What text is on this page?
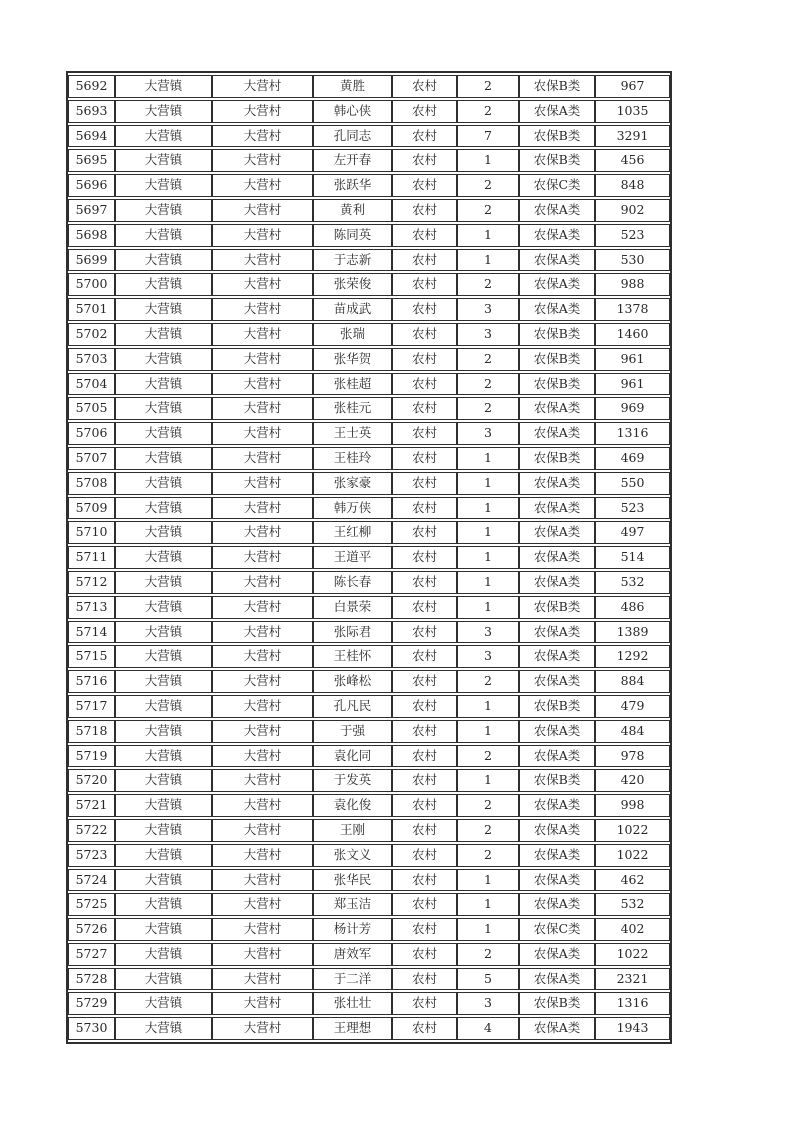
5692	大营镇	大营村	黄胜	农村	2	农保B类	967
5693	大营镇	大营村	韩心侠	农村	2	农保A类	1035
5694	大营镇	大营村	孔同志	农村	7	农保B类	3291
5695	大营镇	大营村	左开春	农村	1	农保B类	456
5696	大营镇	大营村	张跃华	农村	2	农保C类	848
5697	大营镇	大营村	黄利	农村	2	农保A类	902
5698	大营镇	大营村	陈同英	农村	1	农保A类	523
5699	大营镇	大营村	于志新	农村	1	农保A类	530
5700	大营镇	大营村	张荣俊	农村	2	农保A类	988
5701	大营镇	大营村	苗成武	农村	3	农保A类	1378
5702	大营镇	大营村	张瑞	农村	3	农保B类	1460
5703	大营镇	大营村	张华贺	农村	2	农保B类	961
5704	大营镇	大营村	张桂超	农村	2	农保B类	961
5705	大营镇	大营村	张桂元	农村	2	农保A类	969
5706	大营镇	大营村	王士英	农村	3	农保A类	1316
5707	大营镇	大营村	王桂玲	农村	1	农保B类	469
5708	大营镇	大营村	张家豪	农村	1	农保A类	550
5709	大营镇	大营村	韩万侠	农村	1	农保A类	523
5710	大营镇	大营村	王红柳	农村	1	农保A类	497
5711	大营镇	大营村	王道平	农村	1	农保A类	514
5712	大营镇	大营村	陈长春	农村	1	农保A类	532
5713	大营镇	大营村	白景荣	农村	1	农保B类	486
5714	大营镇	大营村	张际君	农村	3	农保A类	1389
5715	大营镇	大营村	王桂怀	农村	3	农保A类	1292
5716	大营镇	大营村	张峰松	农村	2	农保A类	884
5717	大营镇	大营村	孔凡民	农村	1	农保B类	479
5718	大营镇	大营村	于强	农村	1	农保A类	484
5719	大营镇	大营村	袁化同	农村	2	农保A类	978
5720	大营镇	大营村	于发英	农村	1	农保B类	420
5721	大营镇	大营村	袁化俊	农村	2	农保A类	998
5722	大营镇	大营村	王刚	农村	2	农保A类	1022
5723	大营镇	大营村	张文义	农村	2	农保A类	1022
5724	大营镇	大营村	张华民	农村	1	农保A类	462
5725	大营镇	大营村	郑玉洁	农村	1	农保A类	532
5726	大营镇	大营村	杨计芳	农村	1	农保C类	402
5727	大营镇	大营村	唐效军	农村	2	农保A类	1022
5728	大营镇	大营村	于二洋	农村	5	农保A类	2321
5729	大营镇	大营村	张壮壮	农村	3	农保B类	1316
5730	大营镇	大营村	王理想	农村	4	农保A类	1943
